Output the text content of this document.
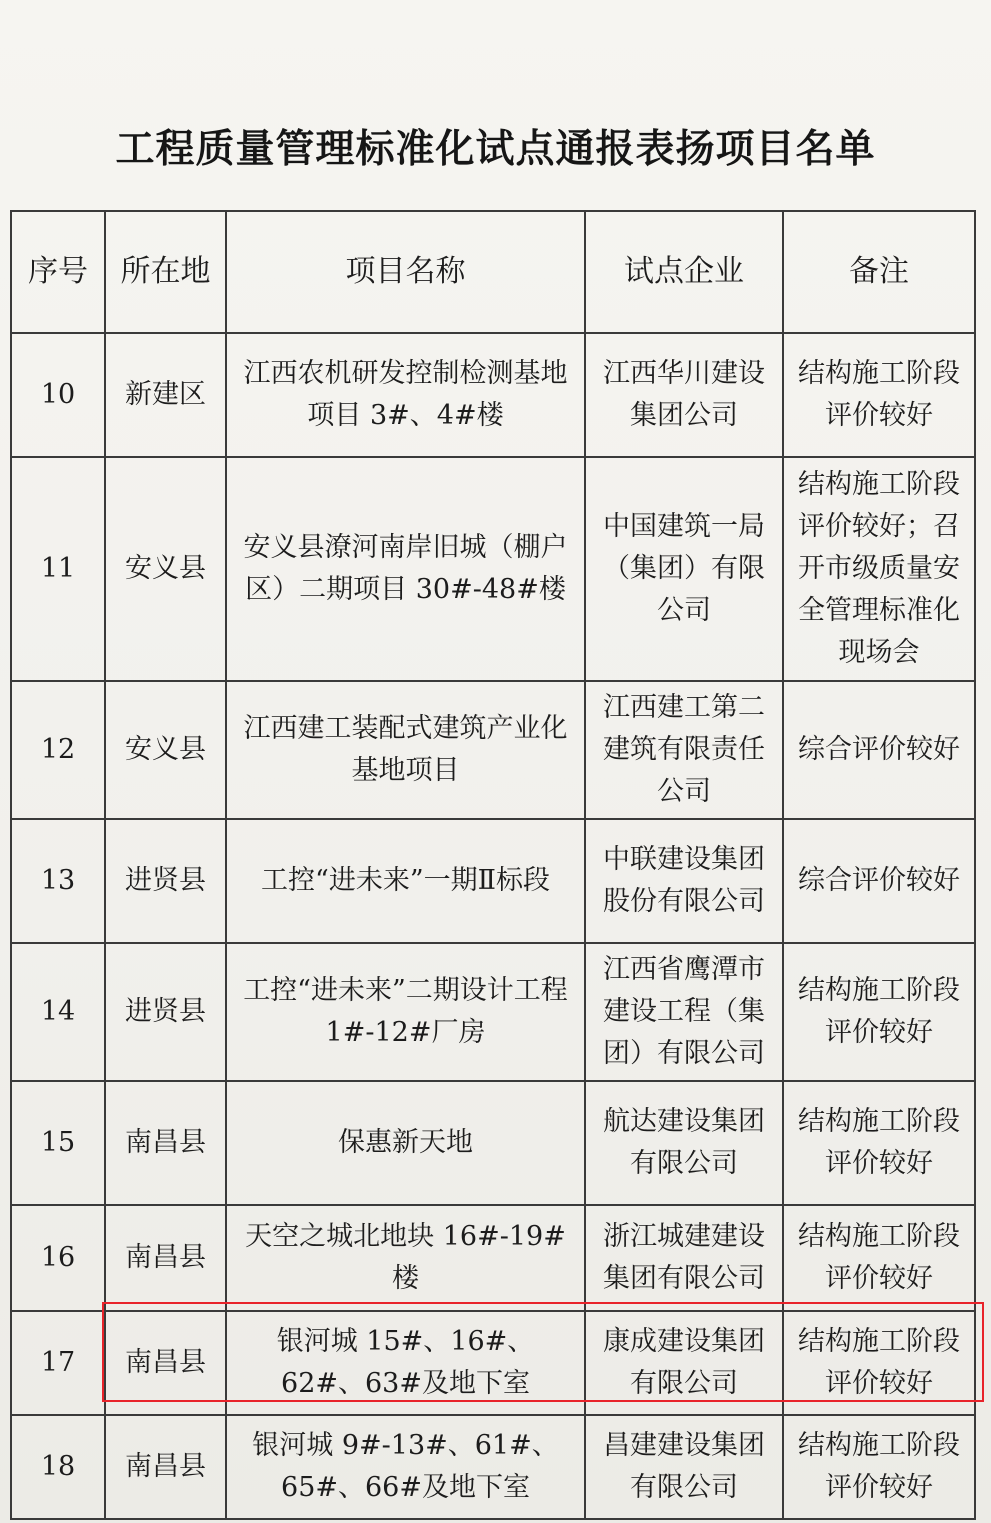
工程质量管理标准化试点通报表扬项目名单
序号	所在地	项目名称	试点企业	备注
10	新建区	江西农机研发控制检测基地项目 3#、4#楼	江西华川建设集团公司	结构施工阶段评价较好
11	安义县	安义县潦河南岸旧城（棚户区）二期项目 30#-48#楼	中国建筑一局（集团）有限公司	结构施工阶段评价较好；召开市级质量安全管理标准化现场会
12	安义县	江西建工装配式建筑产业化基地项目	江西建工第二建筑有限责任公司	综合评价较好
13	进贤县	工控“进未来”一期Ⅱ标段	中联建设集团股份有限公司	综合评价较好
14	进贤县	工控“进未来”二期设计工程 1#-12#厂房	江西省鹰潭市建设工程（集团）有限公司	结构施工阶段评价较好
15	南昌县	保惠新天地	航达建设集团有限公司	结构施工阶段评价较好
16	南昌县	天空之城北地块 16#-19#楼	浙江城建建设集团有限公司	结构施工阶段评价较好
17	南昌县	银河城 15#、16#、62#、63#及地下室	康成建设集团有限公司	结构施工阶段评价较好
18	南昌县	银河城 9#-13#、61#、65#、66#及地下室	昌建建设集团有限公司	结构施工阶段评价较好
